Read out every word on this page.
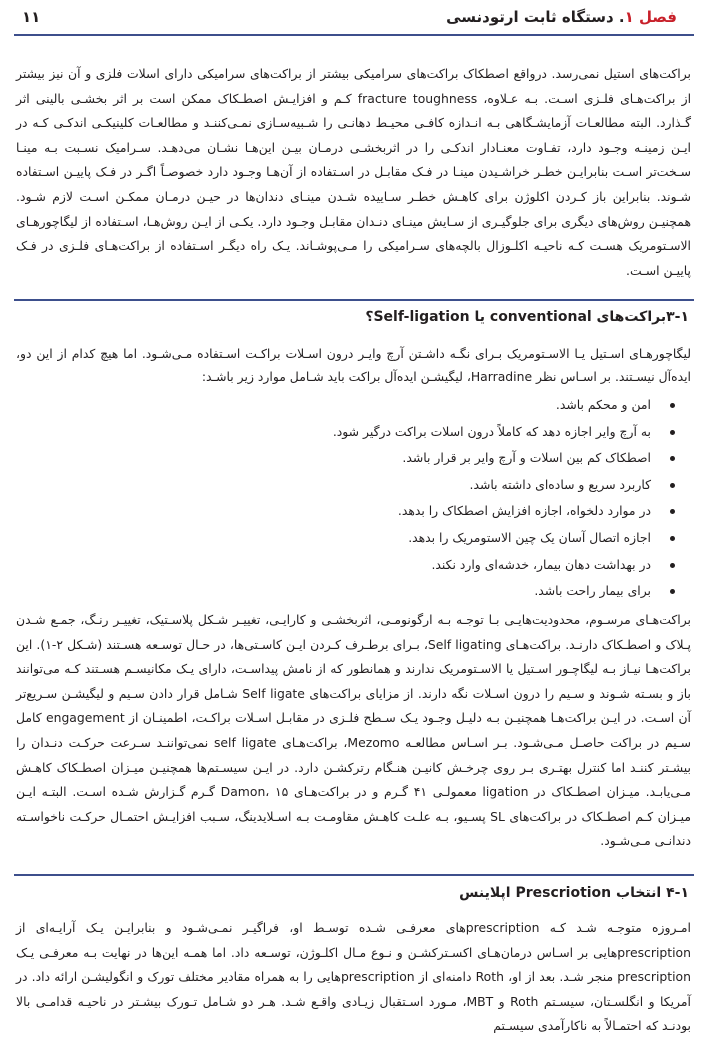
فصل ۱. دستگاه ثابت ارتودنسی
۱۱

براکت‌های استیل نمی‌رسد. درواقع اصطکاک براکت‌های سرامیکی بیشتر از براکت‌های سرامیکی دارای اسلات فلزی و آن نیز بیشتر از براکت‌هـای فلـزی اسـت. بـه عـلاوه، fracture toughness کـم و افزایـش اصطـکاک ممکن است بر اثر بخشـی بالینی اثر گـذارد. البته مطالعـات آزمایشـگاهی بـه انـدازه کافـی محیـط دهانـی را شـبیه‌سـازی نمـی‌کننـد و مطالعـات کلینیکـی اندکـی کـه در ایـن زمینـه وجـود دارد، تفـاوت معنـادار اندکـی را در اثربخشـی درمـان بیـن این‌هـا نشـان می‌دهـد. سـرامیک نسـبت بـه مینـا سـخت‌تر اسـت بنابرایـن خطـر خراشـیدن مینـا در فـک مقابـل در اسـتفاده از آن‌هـا وجـود دارد خصوصـاً اگـر در فـک پاییـن اسـتفاده شـوند. بنابراین باز کـردن اکلوژن برای کاهـش خطـر سـاییده شـدن مینـای دندان‌ها در حیـن درمـان ممکـن اسـت لازم شـود. همچنیـن روش‌های دیگری برای جلوگیـری از سـایش مینـای دنـدان مقابـل وجـود دارد. یکـی از ایـن روش‌هـا، اسـتفاده از لیگاچورهـای الاسـتومریک هسـت کـه ناحیـه اکلـوزال بالچه‌های سـرامیکی را مـی‌پوشـاند. یـک راه دیگـر اسـتفاده از براکت‌هـای فلـزی در فـک پاییـن اسـت.

۳-۱براکت‌های conventional یا Self-ligation؟

لیگاچورهـای اسـتیل یـا الاسـتومریک بـرای نگـه داشـتن آرچ وایـر درون اسـلات براکـت اسـتفاده مـی‌شـود. اما هیچ کدام از این دو، ایده‌آل نیسـتند. بر اسـاس نظر Harradine، لیگیشـن ایده‌آل براکت باید شـامل موارد زیر باشـد:

امن و محکم باشد.
به آرچ وایر اجازه دهد که کاملاً درون اسلات براکت درگیر شود.
اصطکاک کم بین اسلات و آرچ وایر بر قرار باشد.
کاربرد سریع و ساده‌ای داشته باشد.
در موارد دلخواه، اجازه افزایش اصطکاک را بدهد.
اجازه اتصال آسان یک چین الاستومریک را بدهد.
در بهداشت دهان بیمار، خدشه‌ای وارد نکند.
برای بیمار راحت باشد.

براکت‌هـای مرسـوم، محدودیت‌هایـی بـا توجـه بـه ارگونومـی، اثربخشـی و کارایـی، تغییـر شـکل پلاسـتیک، تغییـر رنـگ، جمـع شـدن پـلاک و اصطـکاک دارنـد. براکت‌هـای Self ligating، بـرای برطـرف کـردن ایـن کاسـتی‌ها، در حـال توسـعه هسـتند (شـکل ۲-۱). این براکت‌هـا نیـاز بـه لیگاچـور اسـتیل یا الاسـتومریک ندارند و همانطور که از نامش پیداسـت، دارای یـک مکانیسـم هسـتند کـه می‌توانند باز و بسـته شـوند و سـیم را درون اسـلات نگه دارند. از مزایای براکت‌های Self ligate شـامل قرار دادن سـیم و لیگیشـن سـریع‌تر آن اسـت. در ایـن براکت‌هـا همچنیـن بـه دلیـل وجـود یـک سـطح فلـزی در مقابـل اسـلات براکـت، اطمینـان از engagement کامل سـیم در براکت حاصـل مـی‌شـود. بـر اسـاس مطالعـه Mezomo، براکت‌هـای self ligate نمی‌تواننـد سـرعت حرکـت دنـدان را بیشـتر کننـد اما کنترل بهتـری بـر روی چرخـش کانیـن هنـگام رترکشـن دارد. در ایـن سیسـتم‌ها همچنیـن میـزان اصطـکاک کاهـش مـی‌یابـد. میـزان اصطـکاک در ligation معمولـی ۴۱ گـرم و در براکت‌هـای Damon، ۱۵ گـرم گـزارش شـده اسـت. البتـه ایـن میـزان کـم اصطـکاک در براکت‌های SL پسـیو، بـه علـت کاهـش مقاومـت بـه اسـلایدینگ، سـبب افزایـش احتمـال حرکـت ناخواسـته دندانـی مـی‌شـود.

۴-۱ انتخاب Prescriotion اپلاینس

امـروزه متوجـه شـد کـه prescriptionهای معرفـی شـده توسـط او، فراگیـر نمـی‌شـود و بنابرایـن یـک آرایـه‌ای از prescriptionهایی بر اسـاس درمان‌هـای اکسـترکشـن و نـوع مـال اکلـوژن، توسـعه داد. اما همـه این‌ها در نهایت بـه معرفـی یـک prescription منجر شـد. بعد از او، Roth دامنه‌ای از prescriptionهایی را به همراه مقادیر مختلف تورک و انگولیشـن ارائه داد. در آمریکا و انگلسـتان، سیسـتم Roth و MBT، مـورد اسـتقبال زیـادی واقـع شـد. هـر دو شـامل تـورک بیشـتر در ناحیـه قدامـی بالا بودنـد که احتمـالاً به ناکارآمدی سیسـتم
